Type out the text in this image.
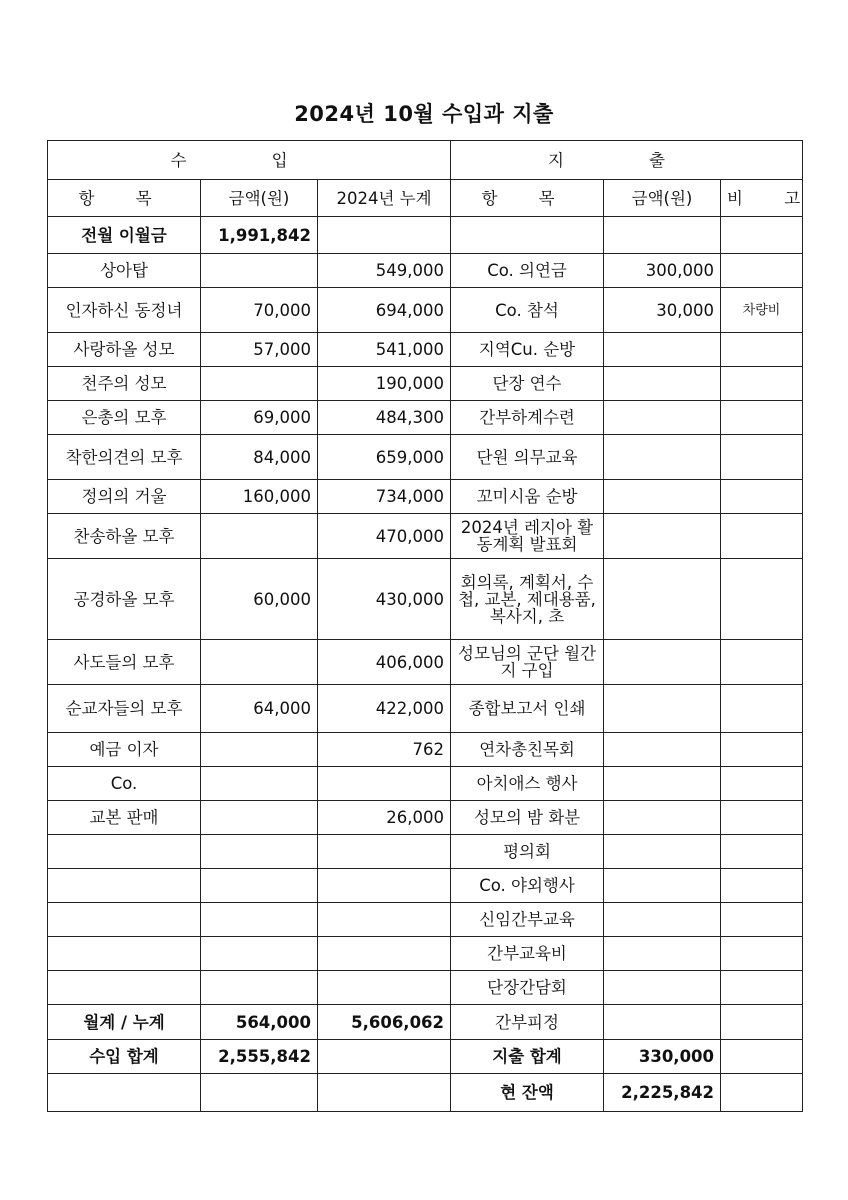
2024년 10월 수입과 지출
수 입			지 출		
항 목	금액(원)	2024년 누계	항 목	금액(원)	비 고
전월 이월금	1,991,842				
상아탑		549,000	Co. 의연금	300,000	
인자하신 동정녀	70,000	694,000	Co. 참석	30,000	차량비
사랑하올 성모	57,000	541,000	지역Cu. 순방		
천주의 성모		190,000	단장 연수		
은총의 모후	69,000	484,300	간부하계수련		
착한의견의 모후	84,000	659,000	단원 의무교육		
정의의 거울	160,000	734,000	꼬미시움 순방		
찬송하올 모후		470,000	2024년 레지아 활동계획 발표회		
공경하올 모후	60,000	430,000	회의록, 계획서, 수첩, 교본, 제대용품, 복사지, 초		
사도들의 모후		406,000	성모님의 군단 월간지 구입		
순교자들의 모후	64,000	422,000	종합보고서 인쇄		
예금 이자		762	연차총친목회		
Co.			아치애스 행사		
교본 판매		26,000	성모의 밤 화분		
			평의회		
			Co. 야외행사		
			신임간부교육		
			간부교육비		
			단장간담회		
월계 / 누계	564,000	5,606,062	간부피정		
수입 합계	2,555,842		지출 합계	330,000	
			현 잔액	2,225,842	
